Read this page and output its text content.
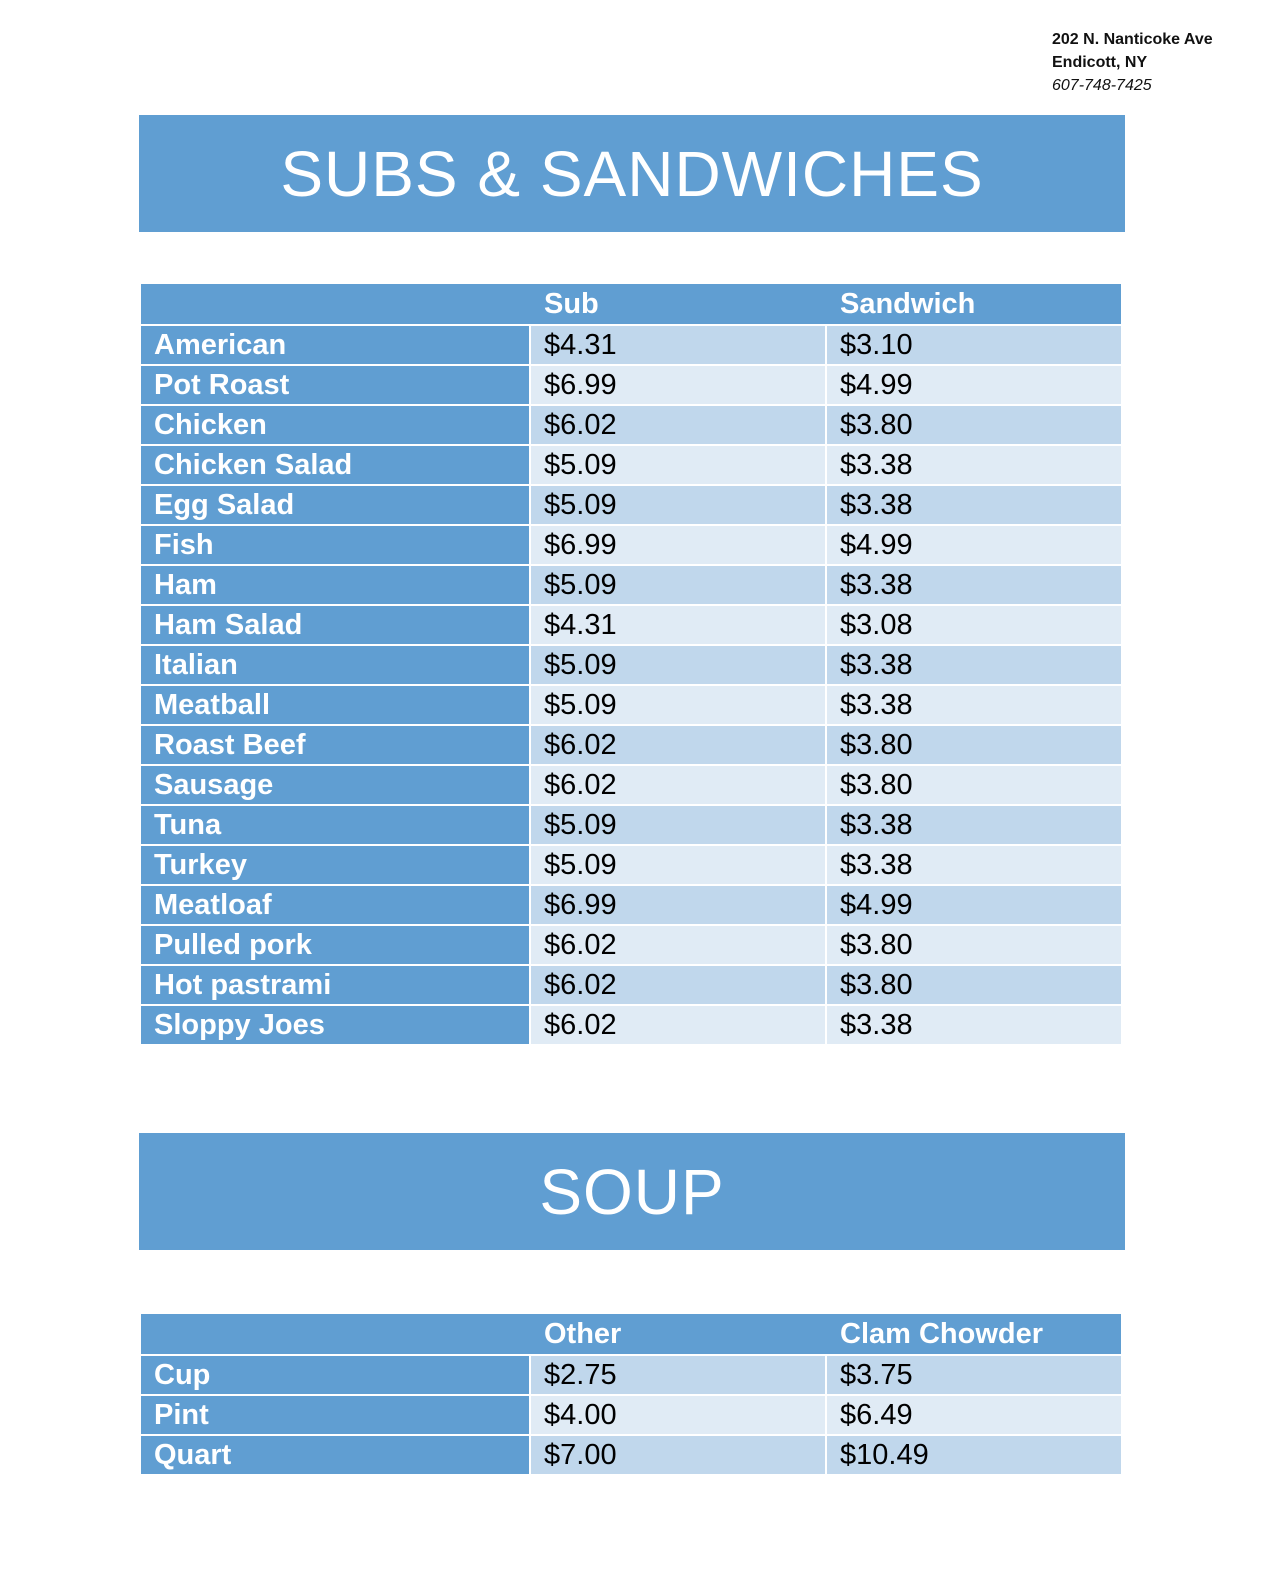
202 N. Nanticoke Ave
Endicott, NY
607-748-7425
SUBS & SANDWICHES
	Sub	Sandwich
American	$4.31	$3.10
Pot Roast	$6.99	$4.99
Chicken	$6.02	$3.80
Chicken Salad	$5.09	$3.38
Egg Salad	$5.09	$3.38
Fish	$6.99	$4.99
Ham	$5.09	$3.38
Ham Salad	$4.31	$3.08
Italian	$5.09	$3.38
Meatball	$5.09	$3.38
Roast Beef	$6.02	$3.80
Sausage	$6.02	$3.80
Tuna	$5.09	$3.38
Turkey	$5.09	$3.38
Meatloaf	$6.99	$4.99
Pulled pork	$6.02	$3.80
Hot pastrami	$6.02	$3.80
Sloppy Joes	$6.02	$3.38
SOUP
	Other	Clam Chowder
Cup	$2.75	$3.75
Pint	$4.00	$6.49
Quart	$7.00	$10.49
